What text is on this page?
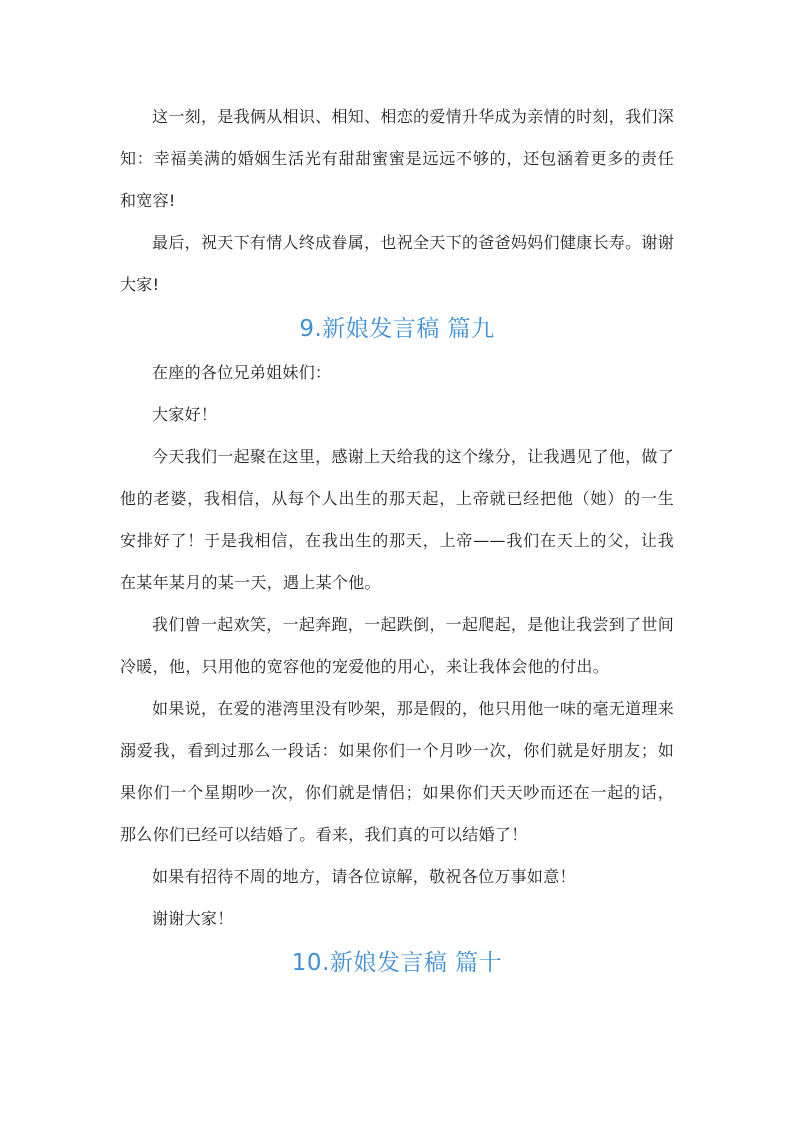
这一刻，是我俩从相识、相知、相恋的爱情升华成为亲情的时刻，我们深知：幸福美满的婚姻生活光有甜甜蜜蜜是远远不够的，还包涵着更多的责任和宽容!

最后，祝天下有情人终成眷属，也祝全天下的爸爸妈妈们健康长寿。谢谢大家!

9.新娘发言稿 篇九

在座的各位兄弟姐妹们：

大家好！

今天我们一起聚在这里，感谢上天给我的这个缘分，让我遇见了他，做了他的老婆，我相信，从每个人出生的那天起，上帝就已经把他（她）的一生安排好了！于是我相信，在我出生的那天，上帝——我们在天上的父，让我在某年某月的某一天，遇上某个他。

我们曾一起欢笑，一起奔跑，一起跌倒，一起爬起，是他让我尝到了世间冷暖，他，只用他的宽容他的宠爱他的用心，来让我体会他的付出。

如果说，在爱的港湾里没有吵架，那是假的，他只用他一味的毫无道理来溺爱我，看到过那么一段话：如果你们一个月吵一次，你们就是好朋友；如果你们一个星期吵一次，你们就是情侣；如果你们天天吵而还在一起的话，那么你们已经可以结婚了。看来，我们真的可以结婚了！

如果有招待不周的地方，请各位谅解，敬祝各位万事如意！

谢谢大家！

10.新娘发言稿 篇十
